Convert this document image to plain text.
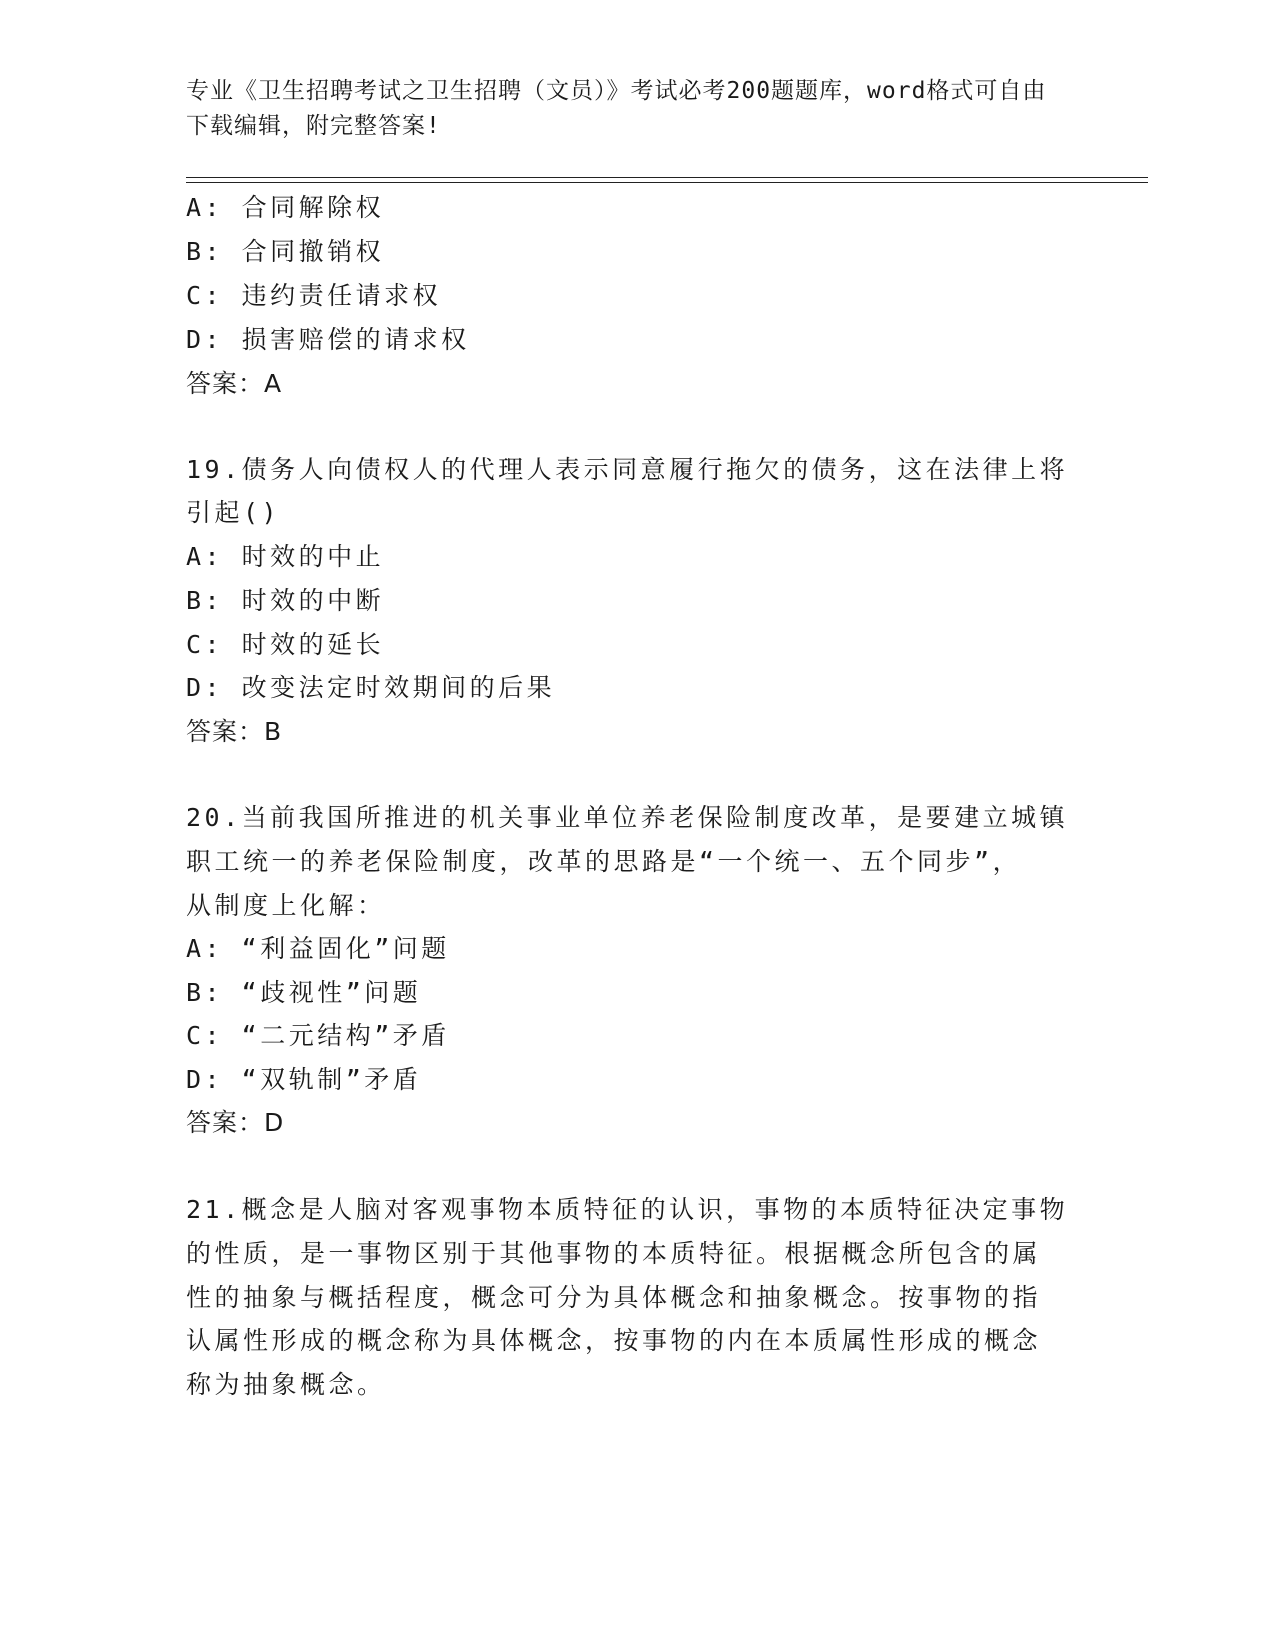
专业《卫生招聘考试之卫生招聘（文员）》考试必考200题题库，word格式可自由下载编辑，附完整答案!
A: 合同解除权
B: 合同撤销权
C: 违约责任请求权
D: 损害赔偿的请求权
答案：A
19.债务人向债权人的代理人表示同意履行拖欠的债务，这在法律上将
引起()
A: 时效的中止
B: 时效的中断
C: 时效的延长
D: 改变法定时效期间的后果
答案：B
20.当前我国所推进的机关事业单位养老保险制度改革，是要建立城镇
职工统一的养老保险制度，改革的思路是“一个统一、五个同步”，
从制度上化解：
A: “利益固化”问题
B: “歧视性”问题
C: “二元结构”矛盾
D: “双轨制”矛盾
答案：D
21.概念是人脑对客观事物本质特征的认识，事物的本质特征决定事物
的性质，是一事物区别于其他事物的本质特征。根据概念所包含的属
性的抽象与概括程度，概念可分为具体概念和抽象概念。按事物的指
认属性形成的概念称为具体概念，按事物的内在本质属性形成的概念
称为抽象概念。
